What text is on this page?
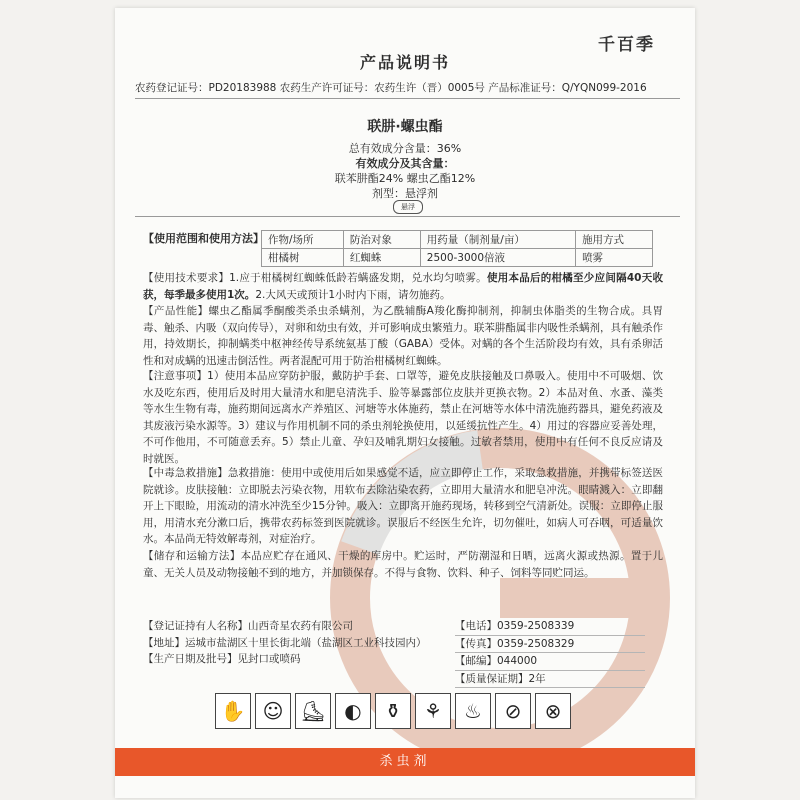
千百季
产品说明书
农药登记证号：PD20183988 农药生产许可证号：农药生许（晋）0005号 产品标准证号：Q/YQN099-2016
联肼·螺虫酯
总有效成分含量：36%
有效成分及其含量：
联苯肼酯24% 螺虫乙酯12%
剂型：悬浮剂
悬浮
【使用范围和使用方法】 作物/场所	防治对象	用药量（制剂量/亩）	施用方式
柑橘树	红蜘蛛	2500-3000倍液	喷雾
【使用技术要求】1.应于柑橘树红蜘蛛低龄若螨盛发期，兑水均匀喷雾。使用本品后的柑橘至少应间隔40天收获，每季最多使用1次。2.大风天或预计1小时内下雨，请勿施药。
【产品性能】螺虫乙酯属季酮酸类杀虫杀螨剂，为乙酰辅酶A羧化酶抑制剂，抑制虫体脂类的生物合成。具胃毒、触杀、内吸（双向传导），对卵和幼虫有效，并可影响成虫繁殖力。联苯肼酯属非内吸性杀螨剂，具有触杀作用，持效期长，抑制螨类中枢神经传导系统氨基丁酸（GABA）受体。对螨的各个生活阶段均有效，具有杀卵活性和对成螨的迅速击倒活性。两者混配可用于防治柑橘树红蜘蛛。
【注意事项】1）使用本品应穿防护服，戴防护手套、口罩等，避免皮肤接触及口鼻吸入。使用中不可吸烟、饮水及吃东西，使用后及时用大量清水和肥皂清洗手、脸等暴露部位皮肤并更换衣物。2）本品对鱼、水蚤、藻类等水生生物有毒，施药期间远离水产养殖区、河塘等水体施药，禁止在河塘等水体中清洗施药器具，避免药液及其废液污染水源等。3）建议与作用机制不同的杀虫剂轮换使用，以延缓抗性产生。4）用过的容器应妥善处理，不可作他用，不可随意丢弃。5）禁止儿童、孕妇及哺乳期妇女接触。过敏者禁用，使用中有任何不良反应请及时就医。
【中毒急救措施】急救措施：使用中或使用后如果感觉不适，应立即停止工作，采取急救措施，并携带标签送医院就诊。皮肤接触：立即脱去污染衣物，用软布去除沾染农药，立即用大量清水和肥皂冲洗。眼睛溅入：立即翻开上下眼睑，用流动的清水冲洗至少15分钟。吸入：立即离开施药现场，转移到空气清新处。误服：立即停止服用，用清水充分漱口后，携带农药标签到医院就诊。误服后不经医生允许，切勿催吐，如病人可吞咽，可适量饮水。本品尚无特效解毒剂，对症治疗。
【储存和运输方法】本品应贮存在通风、干燥的库房中。贮运时，严防潮湿和日晒，远离火源或热源。置于儿童、无关人员及动物接触不到的地方，并加锁保存。不得与食物、饮料、种子、饲料等同贮同运。
【登记证持有人名称】山西奇星农药有限公司
【地址】运城市盐湖区十里长街北端（盐湖区工业科技园内）
【生产日期及批号】见封口或喷码
【电话】0359-2508339
【传真】0359-2508329
【邮编】044000
【质量保证期】2年
✋ ☺ ⛸ ◐	⚱	⚘	♨	⊘	⊗
杀虫剂
